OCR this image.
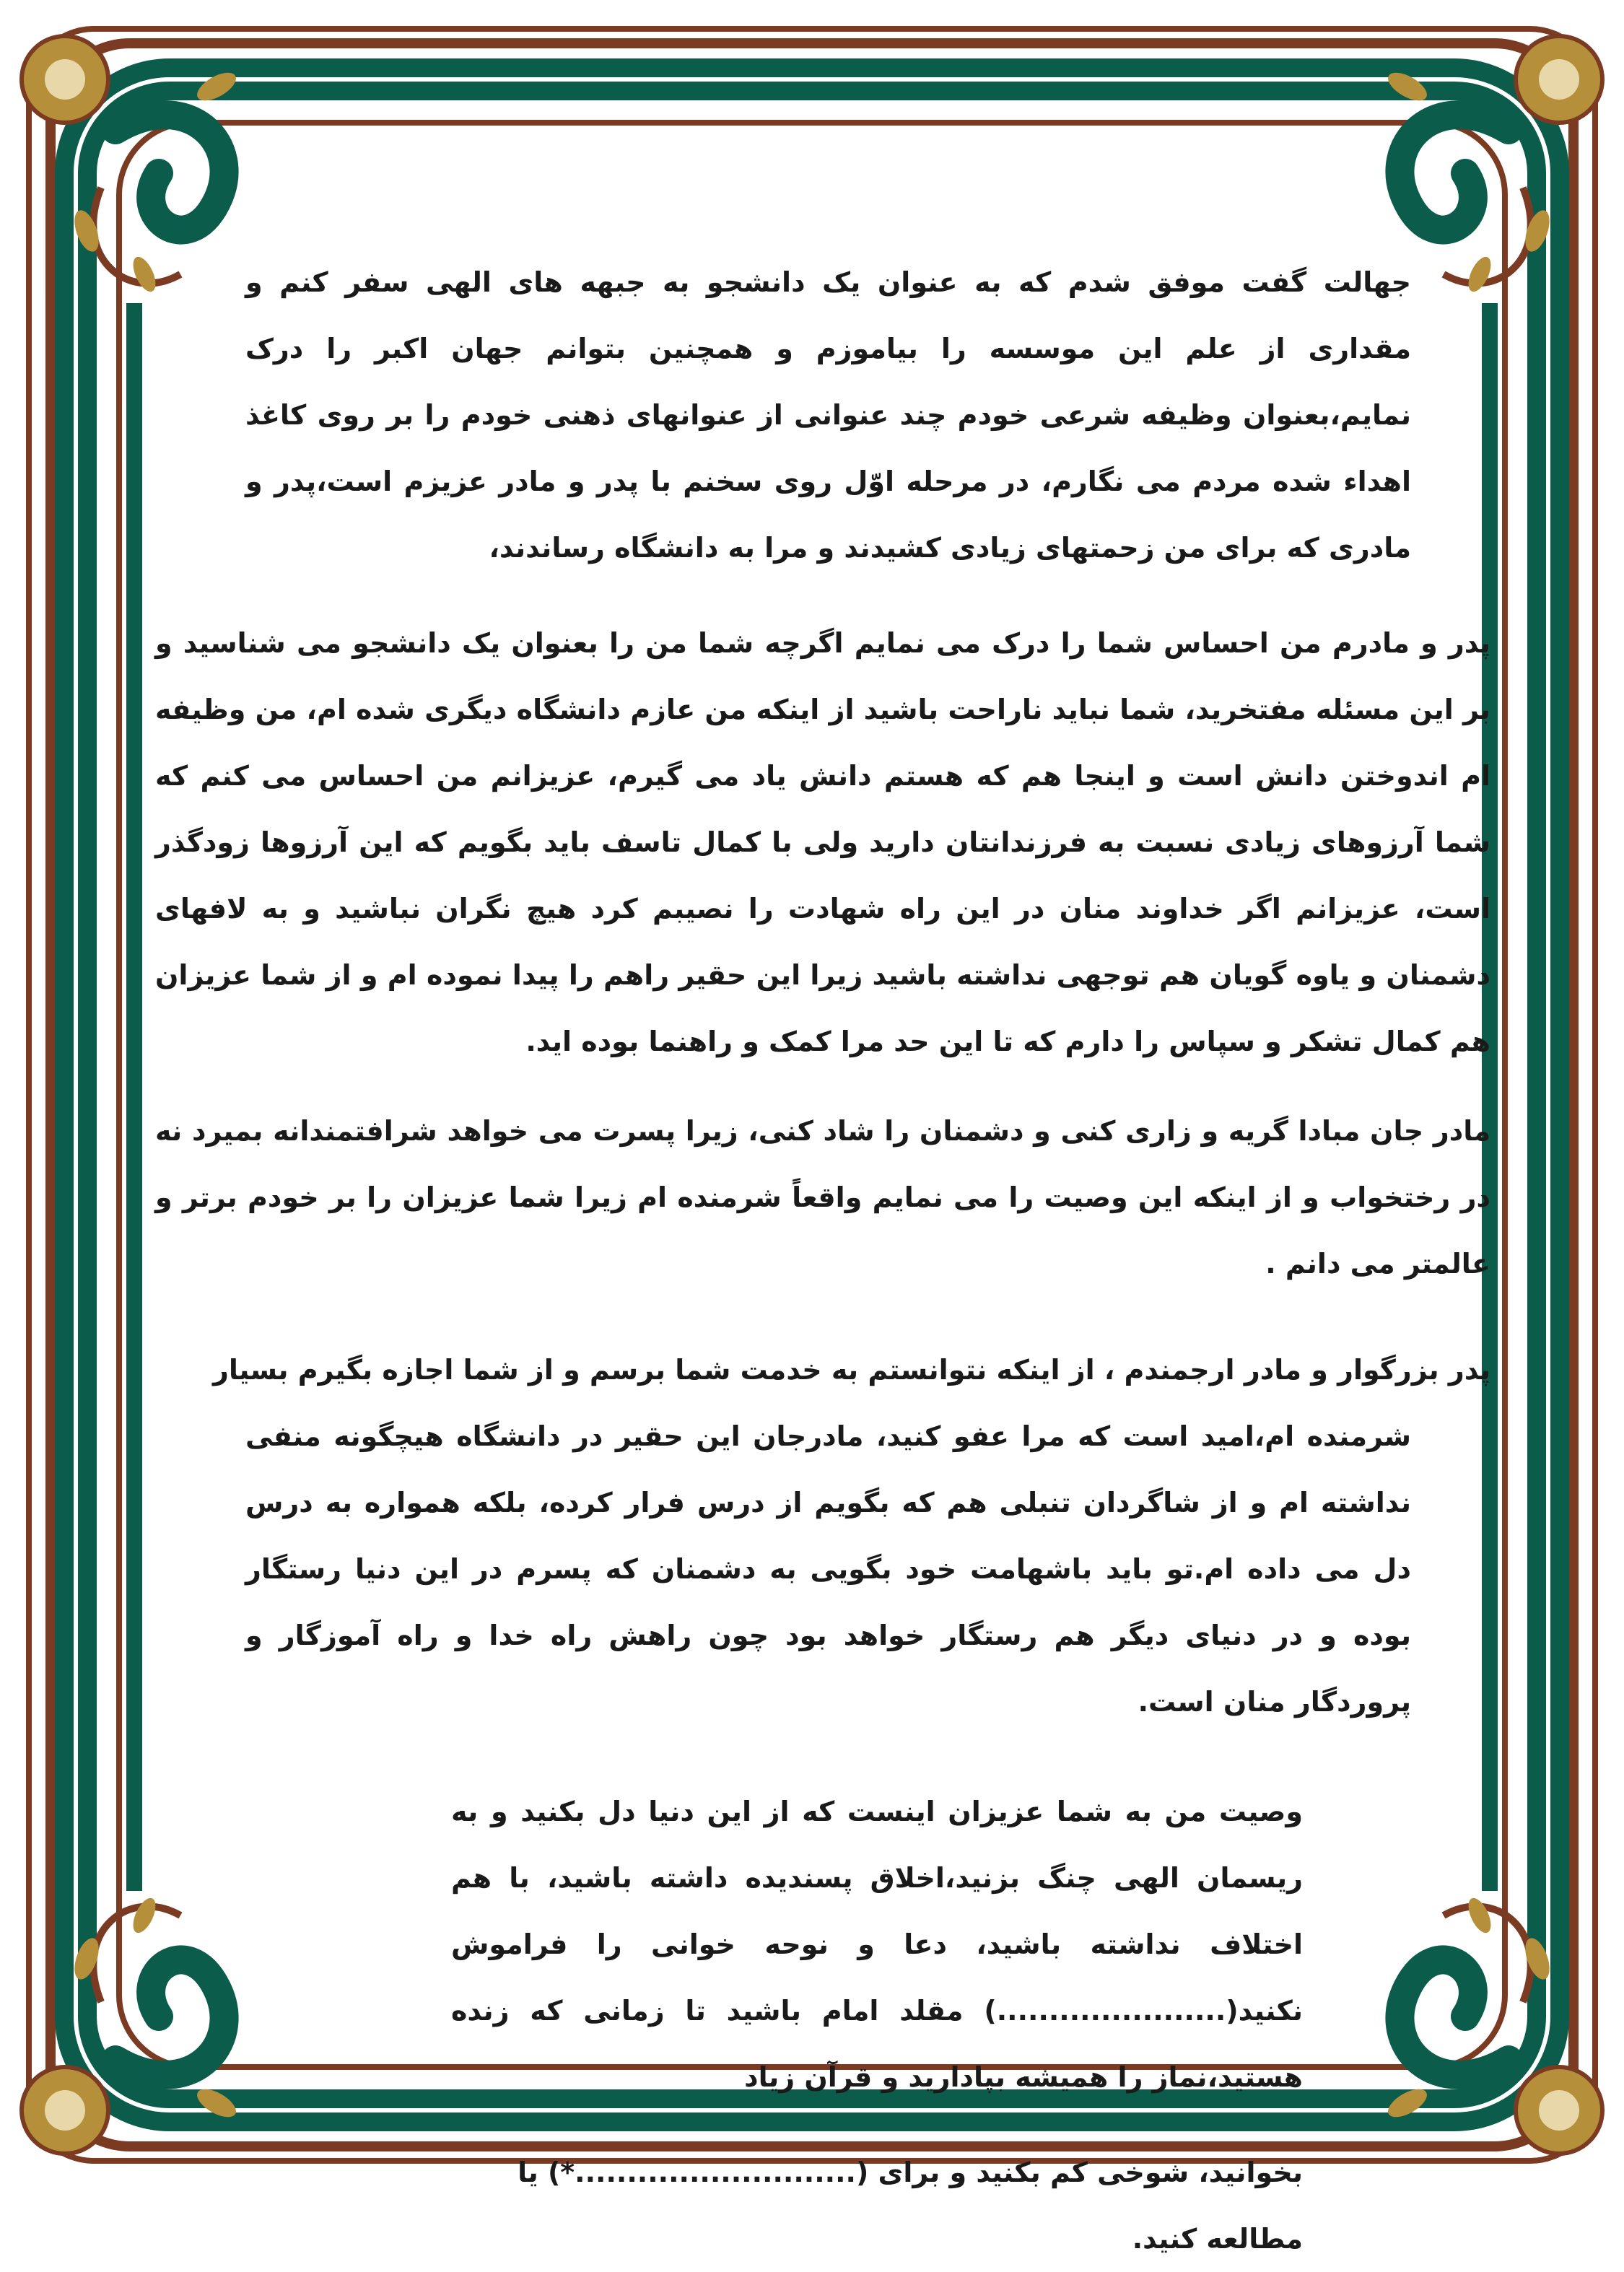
جهالت گفت موفق شدم که به عنوان یک دانشجو به جبهه های الهی سفر کنم و مقداری از علم این موسسه را بیاموزم و همچنین بتوانم جهان اکبر را درک نمایم،بعنوان وظیفه شرعی خودم چند عنوانی از عنوانهای ذهنی خودم را بر روی کاغذ اهداء شده مردم می نگارم، در مرحله اوّل روی سخنم با پدر و مادر عزیزم است،پدر و مادری که برای من زحمتهای زیادی کشیدند و مرا به دانشگاه رساندند،

پدر و مادرم من احساس شما را درک می نمایم اگرچه شما من را بعنوان یک دانشجو می شناسید و بر این مسئله مفتخرید، شما نباید ناراحت باشید از اینکه من عازم دانشگاه دیگری شده ام، من وظیفه ام اندوختن دانش است و اینجا هم که هستم دانش یاد می گیرم، عزیزانم من احساس می کنم که شما آرزوهای زیادی نسبت به فرزندانتان دارید ولی با کمال تاسف باید بگویم که این آرزوها زودگذر است، عزیزانم اگر خداوند منان در این راه شهادت را نصیبم کرد هیچ نگران نباشید و به لافهای دشمنان و یاوه گویان هم توجهی نداشته باشید زیرا این حقیر راهم را پیدا نموده ام و از شما عزیزان هم کمال تشکر و سپاس را دارم که تا این حد مرا کمک و راهنما بوده اید.

مادر جان مبادا گریه و زاری کنی و دشمنان را شاد کنی، زیرا پسرت می خواهد شرافتمندانه بمیرد نه در رختخواب و از اینکه این وصیت را می نمایم واقعاً شرمنده ام زیرا شما عزیزان را بر خودم برتر و عالمتر می دانم .

پدر بزرگوار و مادر ارجمندم ، از اینکه نتوانستم به خدمت شما برسم و از شما اجازه بگیرم بسیار
شرمنده ام،امید است که مرا عفو کنید، مادرجان این حقیر در دانشگاه هیچگونه منفی نداشته ام و از شاگردان تنبلی هم که بگویم از درس فرار کرده، بلکه همواره به درس دل می داده ام.تو باید باشهامت خود بگویی به دشمنان که پسرم در این دنیا رستگار بوده و در دنیای دیگر هم رستگار خواهد بود چون راهش راه خدا و راه آموزگار و پروردگار منان است.

وصیت من به شما عزیزان اینست که از این دنیا دل بکنید و به ریسمان الهی چنگ بزنید،اخلاق پسندیده داشته باشید، با هم اختلاف نداشته باشید، دعا و نوحه خوانی را فراموش نکنید(......................) مقلد امام باشید تا زمانی که زنده هستید،نماز را همیشه بپادارید و قرآن زیاد

بخوانید، شوخی کم بکنید و برای (...........................*) یا مطالعه کنید.
